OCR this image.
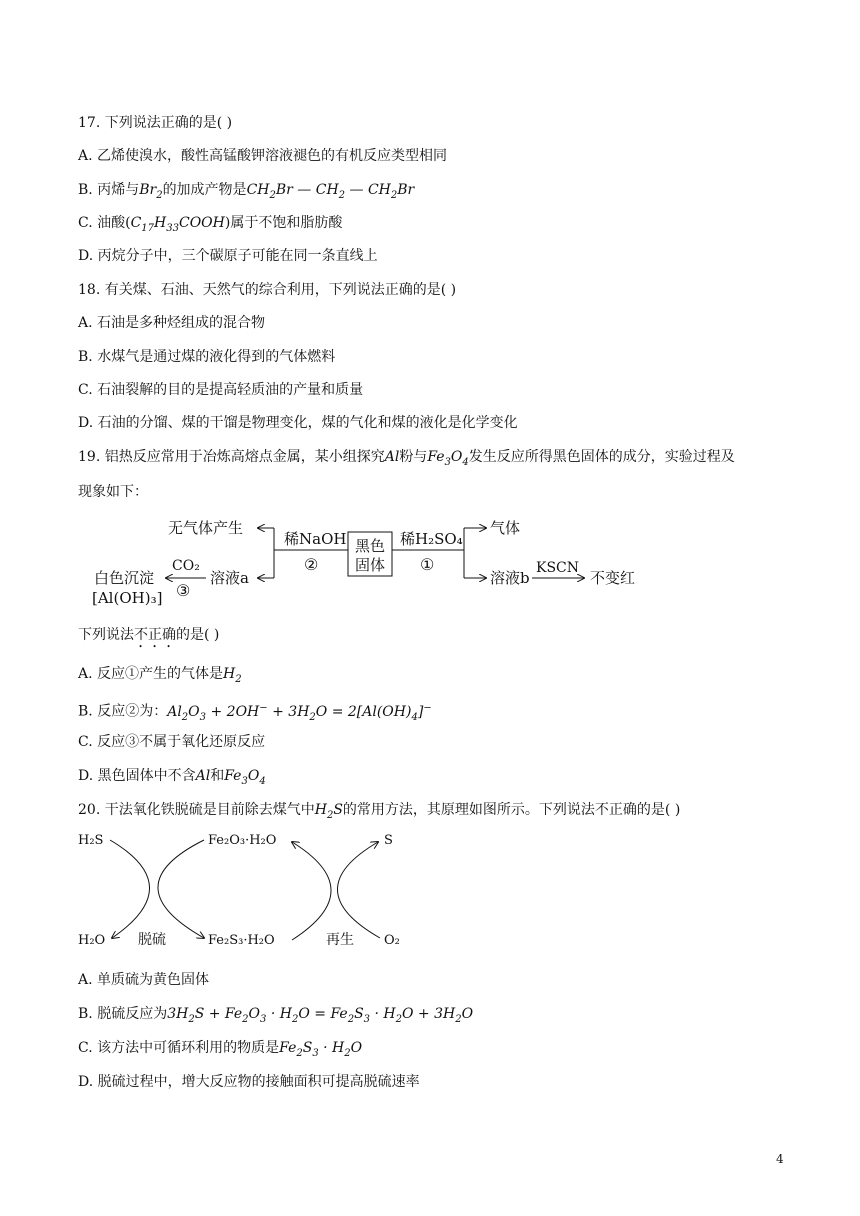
17. 下列说法正确的是( )
A. 乙烯使溴水，酸性高锰酸钾溶液褪色的有机反应类型相同
B. 丙烯与$Br_2$的加成产物是$CH_2Br$ — $CH_2$ — $CH_2Br$
C. 油酸$(C_{17}H_{33}COOH)$属于不饱和脂肪酸
D. 丙烷分子中，三个碳原子可能在同一条直线上
18. 有关煤、石油、天然气的综合利用，下列说法正确的是( )
A. 石油是多种烃组成的混合物
B. 水煤气是通过煤的液化得到的气体燃料
C. 石油裂解的目的是提高轻质油的产量和质量
D. 石油的分馏、煤的干馏是物理变化，煤的气化和煤的液化是化学变化
19. 铝热反应常用于冶炼高熔点金属，某小组探究Al粉与$Fe_3O_4$发生反应所得黑色固体的成分，实验过程及
现象如下：
无气体产生
稀NaOH
②
黑色
固体
稀H₂SO₄
①
气体
溶液b
KSCN
不变红
溶液a
CO₂
③
白色沉淀
[Al(OH)₃]
下列说法不正确的是( )
A. 反应①产生的气体是$H_2$
B. 反应②为：$Al_2O_3 + 2OH^- + 3H_2O = 2[Al(OH)_4]^-$
C. 反应③不属于氧化还原反应
D. 黑色固体中不含Al和$Fe_3O_4$
20. 干法氧化铁脱硫是目前除去煤气中$H_2S$的常用方法，其原理如图所示。下列说法不正确的是( )
H₂S	Fe₂O₃·H₂O	S
H₂O 脱硫	Fe₂S₃·H₂O	再生 O₂
A. 单质硫为黄色固体
B. 脱硫反应为$3H_2S + Fe_2O_3 \cdot H_2O = Fe_2S_3 \cdot H_2O + 3H_2O$
C. 该方法中可循环利用的物质是$Fe_2S_3 \cdot H_2O$
D. 脱硫过程中，增大反应物的接触面积可提高脱硫速率
4
